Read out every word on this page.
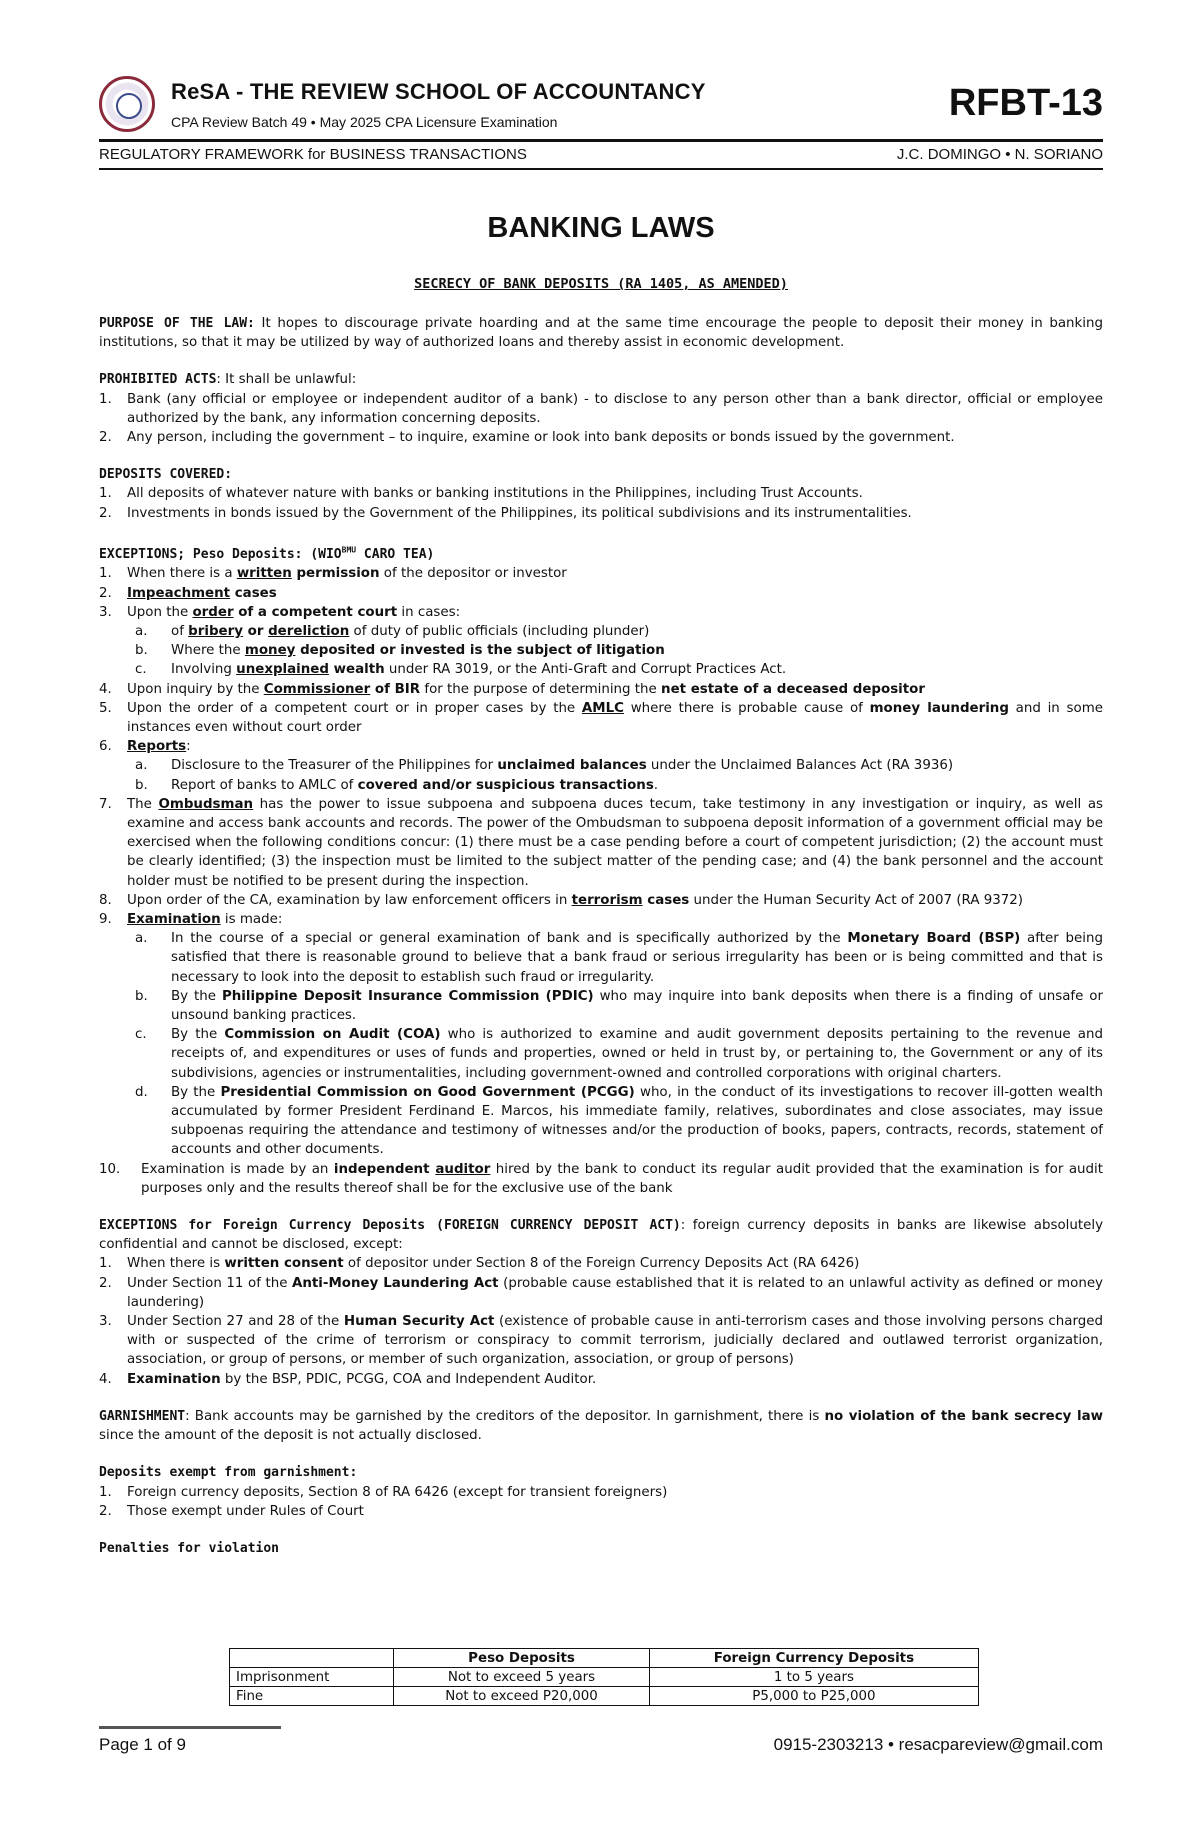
ReSA - THE REVIEW SCHOOL OF ACCOUNTANCY
CPA Review Batch 49 • May 2025 CPA Licensure Examination	RFBT-13
REGULATORY FRAMEWORK for BUSINESS TRANSACTIONS	J.C. DOMINGO • N. SORIANO
BANKING LAWS
SECRECY OF BANK DEPOSITS (RA 1405, AS AMENDED)

PURPOSE OF THE LAW: It hopes to discourage private hoarding and at the same time encourage the people to deposit their money in banking institutions, so that it may be utilized by way of authorized loans and thereby assist in economic development.

PROHIBITED ACTS: It shall be unlawful:

1. Bank (any official or employee or independent auditor of a bank) - to disclose to any person other than a bank director, official or employee authorized by the bank, any information concerning deposits.
2. Any person, including the government – to inquire, examine or look into bank deposits or bonds issued by the government.

DEPOSITS COVERED:

1. All deposits of whatever nature with banks or banking institutions in the Philippines, including Trust Accounts.
2. Investments in bonds issued by the Government of the Philippines, its political subdivisions and its instrumentalities.

EXCEPTIONS; Peso Deposits: ($WIO^{BMU}$ CARO TEA)

1. When there is a written permission of the depositor or investor
2. Impeachment cases
3. Upon the order of a competent court in cases:
a. of bribery or dereliction of duty of public officials (including plunder)
b. Where the money deposited or invested is the subject of litigation
c. Involving unexplained wealth under RA 3019, or the Anti-Graft and Corrupt Practices Act.
4. Upon inquiry by the Commissioner of BIR for the purpose of determining the net estate of a deceased depositor
5. Upon the order of a competent court or in proper cases by the AMLC where there is probable cause of money laundering and in some instances even without court order
6. Reports:
a. Disclosure to the Treasurer of the Philippines for unclaimed balances under the Unclaimed Balances Act (RA 3936)
b. Report of banks to AMLC of covered and/or suspicious transactions.
7. The Ombudsman has the power to issue subpoena and subpoena duces tecum, take testimony in any investigation or inquiry, as well as examine and access bank accounts and records. The power of the Ombudsman to subpoena deposit information of a government official may be exercised when the following conditions concur: (1) there must be a case pending before a court of competent jurisdiction; (2) the account must be clearly identified; (3) the inspection must be limited to the subject matter of the pending case; and (4) the bank personnel and the account holder must be notified to be present during the inspection.
8. Upon order of the CA, examination by law enforcement officers in terrorism cases under the Human Security Act of 2007 (RA 9372)
9. Examination is made:
a. In the course of a special or general examination of bank and is specifically authorized by the Monetary Board (BSP) after being satisfied that there is reasonable ground to believe that a bank fraud or serious irregularity has been or is being committed and that is necessary to look into the deposit to establish such fraud or irregularity.
b. By the Philippine Deposit Insurance Commission (PDIC) who may inquire into bank deposits when there is a finding of unsafe or unsound banking practices.
c. By the Commission on Audit (COA) who is authorized to examine and audit government deposits pertaining to the revenue and receipts of, and expenditures or uses of funds and properties, owned or held in trust by, or pertaining to, the Government or any of its subdivisions, agencies or instrumentalities, including government-owned and controlled corporations with original charters.
d. By the Presidential Commission on Good Government (PCGG) who, in the conduct of its investigations to recover ill-gotten wealth accumulated by former President Ferdinand E. Marcos, his immediate family, relatives, subordinates and close associates, may issue subpoenas requiring the attendance and testimony of witnesses and/or the production of books, papers, contracts, records, statement of accounts and other documents.
10. Examination is made by an independent auditor hired by the bank to conduct its regular audit provided that the examination is for audit purposes only and the results thereof shall be for the exclusive use of the bank

EXCEPTIONS for Foreign Currency Deposits (FOREIGN CURRENCY DEPOSIT ACT): foreign currency deposits in banks are likewise absolutely confidential and cannot be disclosed, except:

1. When there is written consent of depositor under Section 8 of the Foreign Currency Deposits Act (RA 6426)
2. Under Section 11 of the Anti-Money Laundering Act (probable cause established that it is related to an unlawful activity as defined or money laundering)
3. Under Section 27 and 28 of the Human Security Act (existence of probable cause in anti-terrorism cases and those involving persons charged with or suspected of the crime of terrorism or conspiracy to commit terrorism, judicially declared and outlawed terrorist organization, association, or group of persons, or member of such organization, association, or group of persons)
4. Examination by the BSP, PDIC, PCGG, COA and Independent Auditor.

GARNISHMENT: Bank accounts may be garnished by the creditors of the depositor. In garnishment, there is no violation of the bank secrecy law since the amount of the deposit is not actually disclosed.

Deposits exempt from garnishment:

1. Foreign currency deposits, Section 8 of RA 6426 (except for transient foreigners)
2. Those exempt under Rules of Court

Penalties for violation

	Peso Deposits	Foreign Currency Deposits
Imprisonment	Not to exceed 5 years	1 to 5 years
Fine	Not to exceed P20,000	P5,000 to P25,000
Page 1 of 9	0915-2303213 • resacpareview@gmail.com
